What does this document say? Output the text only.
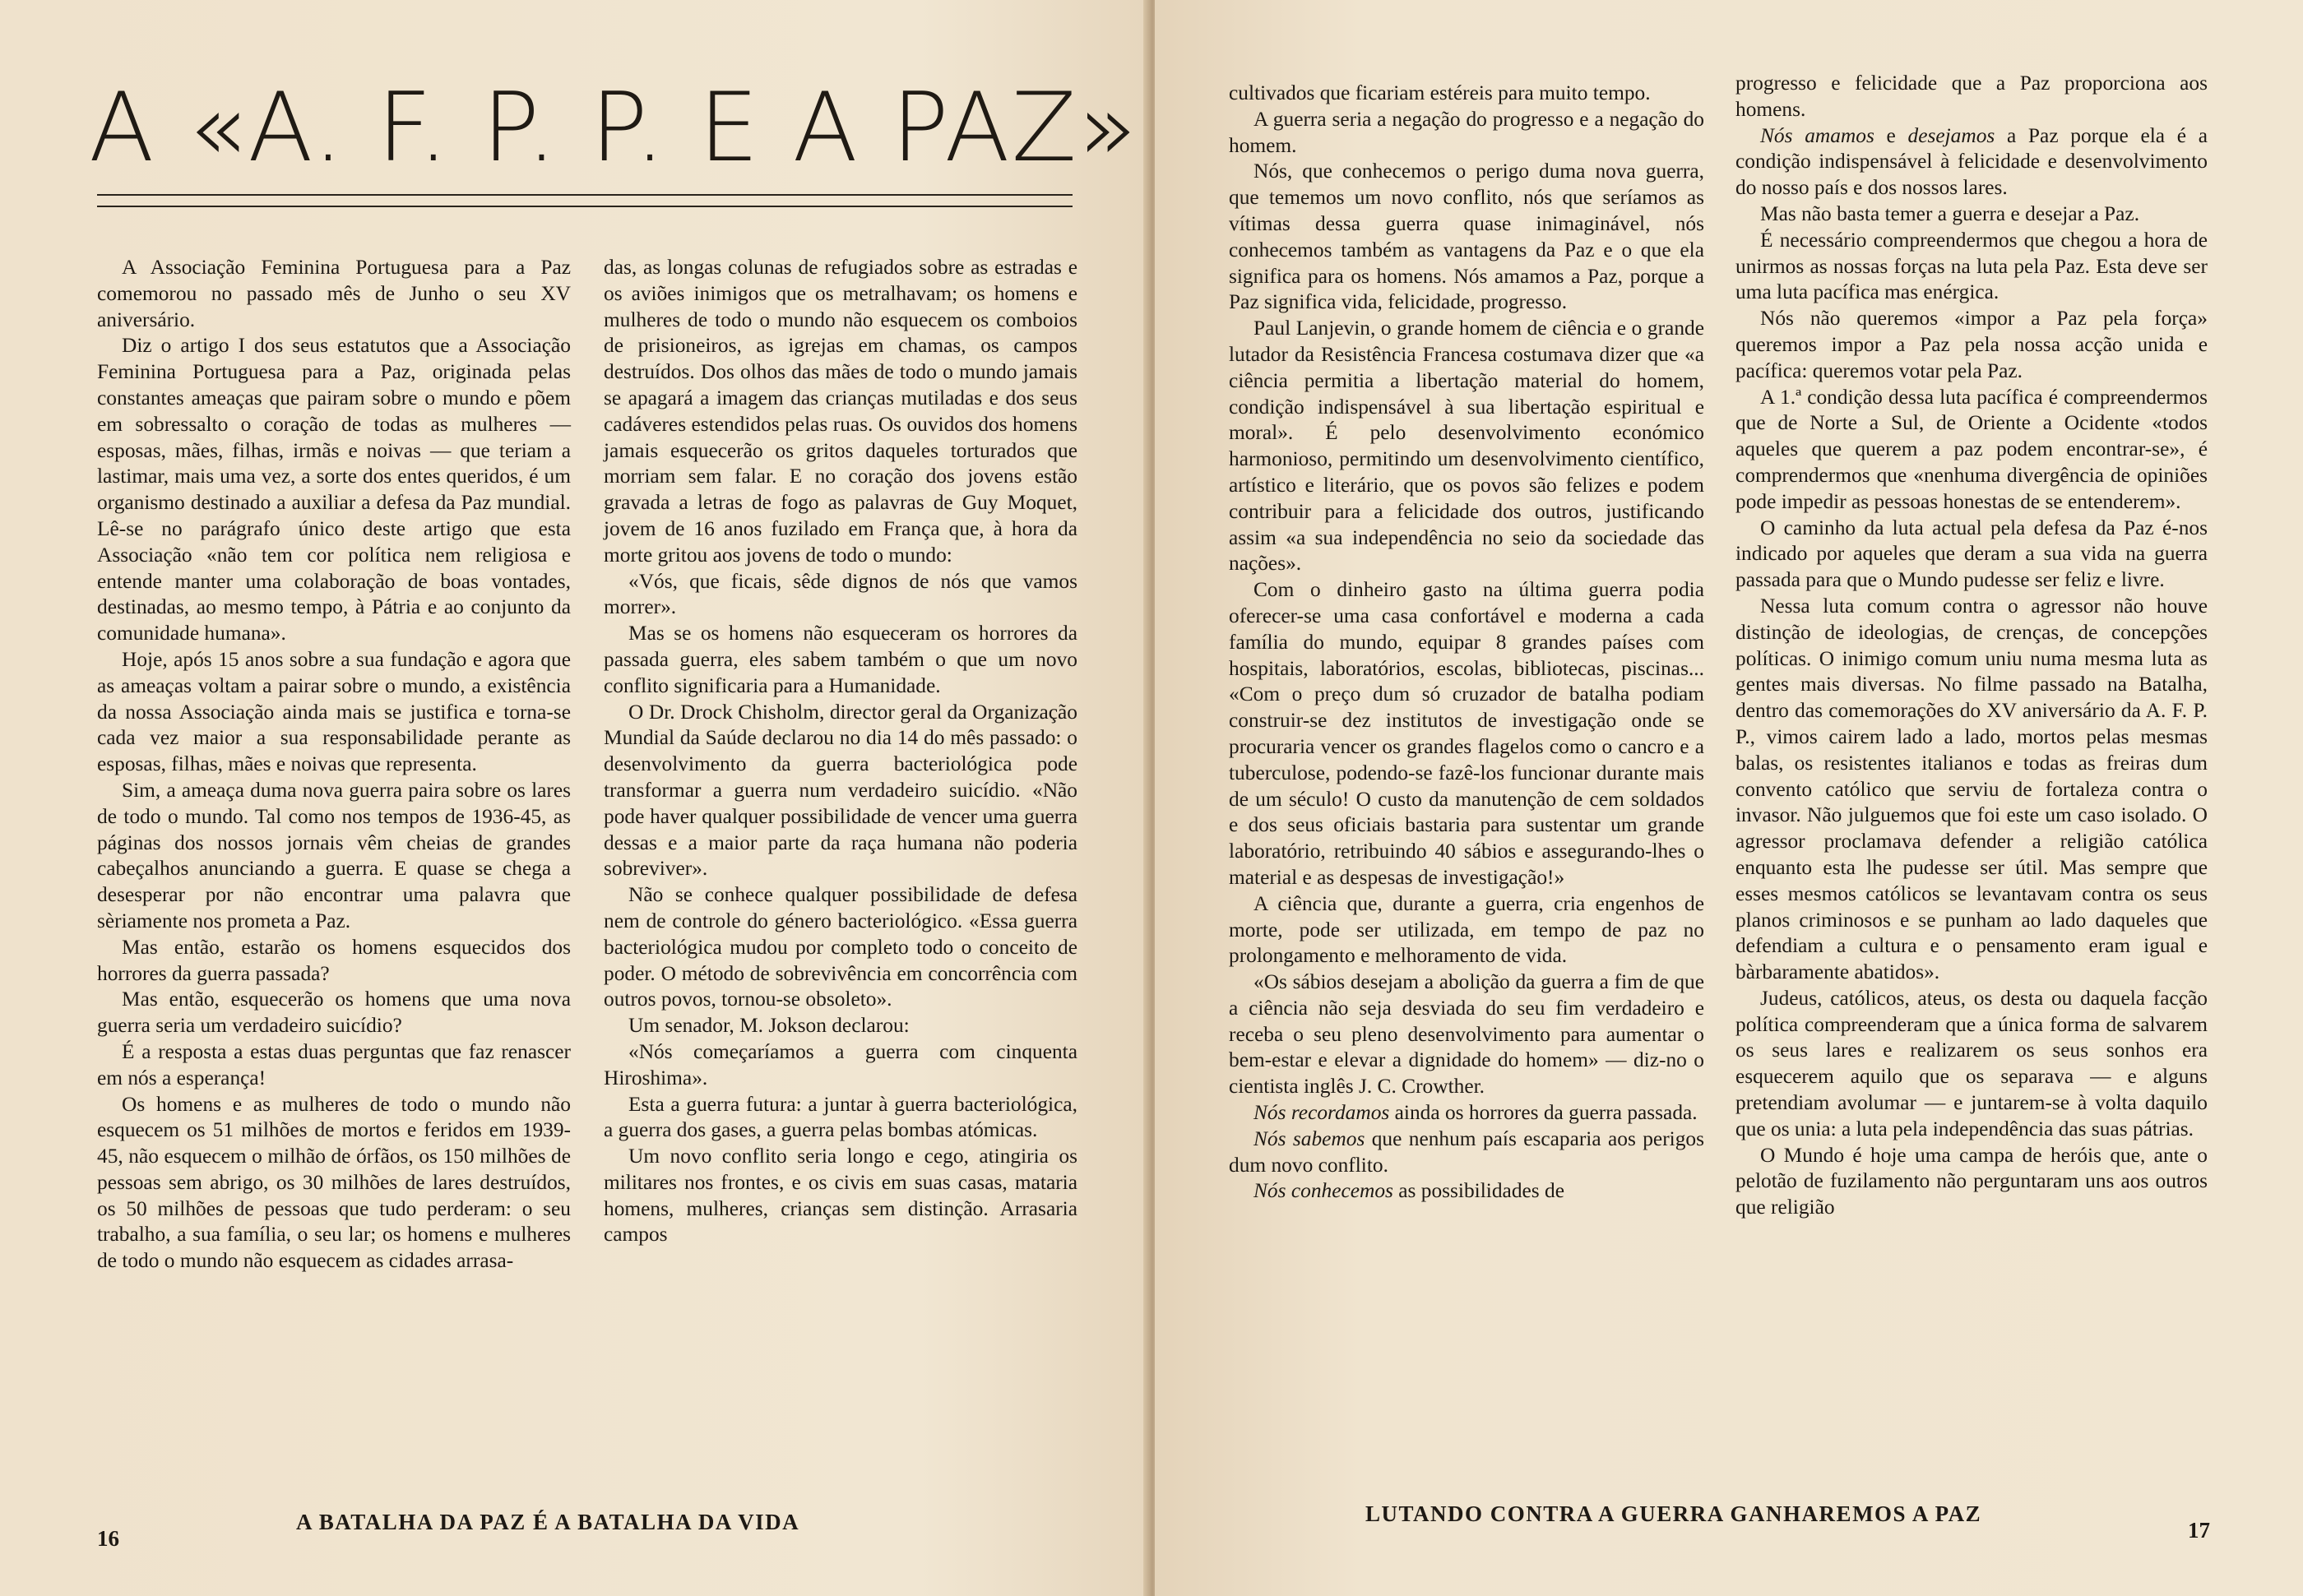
A «A. F. P. P. E A PAZ»

A Associação Feminina Portuguesa para a Paz comemorou no passado mês de Junho o seu XV aniversário.

Diz o artigo I dos seus estatutos que a Associação Feminina Portuguesa para a Paz, originada pelas constantes ameaças que pairam sobre o mundo e põem em sobressalto o coração de todas as mulheres — esposas, mães, filhas, irmãs e noivas — que teriam a lastimar, mais uma vez, a sorte dos entes queridos, é um organismo destinado a auxiliar a defesa da Paz mundial. Lê-se no parágrafo único deste artigo que esta Associação «não tem cor política nem religiosa e entende manter uma colaboração de boas vontades, destinadas, ao mesmo tempo, à Pátria e ao conjunto da comunidade humana».

Hoje, após 15 anos sobre a sua fundação e agora que as ameaças voltam a pairar sobre o mundo, a existência da nossa Associação ainda mais se justifica e torna-se cada vez maior a sua responsabilidade perante as esposas, filhas, mães e noivas que representa.

Sim, a ameaça duma nova guerra paira sobre os lares de todo o mundo. Tal como nos tempos de 1936-45, as páginas dos nossos jornais vêm cheias de grandes cabeçalhos anunciando a guerra. E quase se chega a desesperar por não encontrar uma palavra que sèriamente nos prometa a Paz.

Mas então, estarão os homens esquecidos dos horrores da guerra passada?

Mas então, esquecerão os homens que uma nova guerra seria um verdadeiro suicídio?

É a resposta a estas duas perguntas que faz renascer em nós a esperança!

Os homens e as mulheres de todo o mundo não esquecem os 51 milhões de mortos e feridos em 1939-45, não esquecem o milhão de órfãos, os 150 milhões de pessoas sem abrigo, os 30 milhões de lares destruídos, os 50 milhões de pessoas que tudo perderam: o seu trabalho, a sua família, o seu lar; os homens e mulheres de todo o mundo não esquecem as cidades arrasa-

das, as longas colunas de refugiados sobre as estradas e os aviões inimigos que os metralhavam; os homens e mulheres de todo o mundo não esquecem os comboios de prisioneiros, as igrejas em chamas, os campos destruídos. Dos olhos das mães de todo o mundo jamais se apagará a imagem das crianças mutiladas e dos seus cadáveres estendidos pelas ruas. Os ouvidos dos homens jamais esquecerão os gritos daqueles torturados que morriam sem falar. E no coração dos jovens estão gravada a letras de fogo as palavras de Guy Moquet, jovem de 16 anos fuzilado em França que, à hora da morte gritou aos jovens de todo o mundo:

«Vós, que ficais, sêde dignos de nós que vamos morrer».

Mas se os homens não esqueceram os horrores da passada guerra, eles sabem também o que um novo conflito significaria para a Humanidade.

O Dr. Drock Chisholm, director geral da Organização Mundial da Saúde declarou no dia 14 do mês passado: o desenvolvimento da guerra bacteriológica pode transformar a guerra num verdadeiro suicídio. «Não pode haver qualquer possibilidade de vencer uma guerra dessas e a maior parte da raça humana não poderia sobreviver».

Não se conhece qualquer possibilidade de defesa nem de controle do género bacteriológico. «Essa guerra bacteriológica mudou por completo todo o conceito de poder. O método de sobrevivência em concorrência com outros povos, tornou-se obsoleto».

Um senador, M. Jokson declarou:

«Nós começaríamos a guerra com cinquenta Hiroshima».

Esta a guerra futura: a juntar à guerra bacteriológica, a guerra dos gases, a guerra pelas bombas atómicas.

Um novo conflito seria longo e cego, atingiria os militares nos frontes, e os civis em suas casas, mataria homens, mulheres, crianças sem distinção. Arrasaria campos

16
A BATALHA DA PAZ É A BATALHA DA VIDA

cultivados que ficariam estéreis para muito tempo.

A guerra seria a negação do progresso e a negação do homem.

Nós, que conhecemos o perigo duma nova guerra, que tememos um novo conflito, nós que seríamos as vítimas dessa guerra quase inimaginável, nós conhecemos também as vantagens da Paz e o que ela significa para os homens. Nós amamos a Paz, porque a Paz significa vida, felicidade, progresso.

Paul Lanjevin, o grande homem de ciência e o grande lutador da Resistência Francesa costumava dizer que «a ciência permitia a libertação material do homem, condição indispensável à sua libertação espiritual e moral». É pelo desenvolvimento económico harmonioso, permitindo um desenvolvimento científico, artístico e literário, que os povos são felizes e podem contribuir para a felicidade dos outros, justificando assim «a sua independência no seio da sociedade das nações».

Com o dinheiro gasto na última guerra podia oferecer-se uma casa confortável e moderna a cada família do mundo, equipar 8 grandes países com hospitais, laboratórios, escolas, bibliotecas, piscinas... «Com o preço dum só cruzador de batalha podiam construir-se dez institutos de investigação onde se procuraria vencer os grandes flagelos como o cancro e a tuberculose, podendo-se fazê-los funcionar durante mais de um século! O custo da manutenção de cem soldados e dos seus oficiais bastaria para sustentar um grande laboratório, retribuindo 40 sábios e assegurando-lhes o material e as despesas de investigação!»

A ciência que, durante a guerra, cria engenhos de morte, pode ser utilizada, em tempo de paz no prolongamento e melhoramento de vida.

«Os sábios desejam a abolição da guerra a fim de que a ciência não seja desviada do seu fim verdadeiro e receba o seu pleno desenvolvimento para aumentar o bem-estar e elevar a dignidade do homem» — diz-no o cientista inglês J. C. Crowther.

Nós recordamos ainda os horrores da guerra passada.

Nós sabemos que nenhum país escaparia aos perigos dum novo conflito.

Nós conhecemos as possibilidades de

progresso e felicidade que a Paz proporciona aos homens.

Nós amamos e desejamos a Paz porque ela é a condição indispensável à felicidade e desenvolvimento do nosso país e dos nossos lares.

Mas não basta temer a guerra e desejar a Paz.

É necessário compreendermos que chegou a hora de unirmos as nossas forças na luta pela Paz. Esta deve ser uma luta pacífica mas enérgica.

Nós não queremos «impor a Paz pela força» queremos impor a Paz pela nossa acção unida e pacífica: queremos votar pela Paz.

A 1.ª condição dessa luta pacífica é compreendermos que de Norte a Sul, de Oriente a Ocidente «todos aqueles que querem a paz podem encontrar-se», é comprendermos que «nenhuma divergência de opiniões pode impedir as pessoas honestas de se entenderem».

O caminho da luta actual pela defesa da Paz é-nos indicado por aqueles que deram a sua vida na guerra passada para que o Mundo pudesse ser feliz e livre.

Nessa luta comum contra o agressor não houve distinção de ideologias, de crenças, de concepções políticas. O inimigo comum uniu numa mesma luta as gentes mais diversas. No filme passado na Batalha, dentro das comemorações do XV aniversário da A. F. P. P., vimos cairem lado a lado, mortos pelas mesmas balas, os resistentes italianos e todas as freiras dum convento católico que serviu de fortaleza contra o invasor. Não julguemos que foi este um caso isolado. O agressor proclamava defender a religião católica enquanto esta lhe pudesse ser útil. Mas sempre que esses mesmos católicos se levantavam contra os seus planos criminosos e se punham ao lado daqueles que defendiam a cultura e o pensamento eram igual e bàrbaramente abatidos».

Judeus, católicos, ateus, os desta ou daquela facção política compreenderam que a única forma de salvarem os seus lares e realizarem os seus sonhos era esquecerem aquilo que os separava — e alguns pretendiam avolumar — e juntarem-se à volta daquilo que os unia: a luta pela independência das suas pátrias.

O Mundo é hoje uma campa de heróis que, ante o pelotão de fuzilamento não perguntaram uns aos outros que religião

LUTANDO CONTRA A GUERRA GANHAREMOS A PAZ
17
